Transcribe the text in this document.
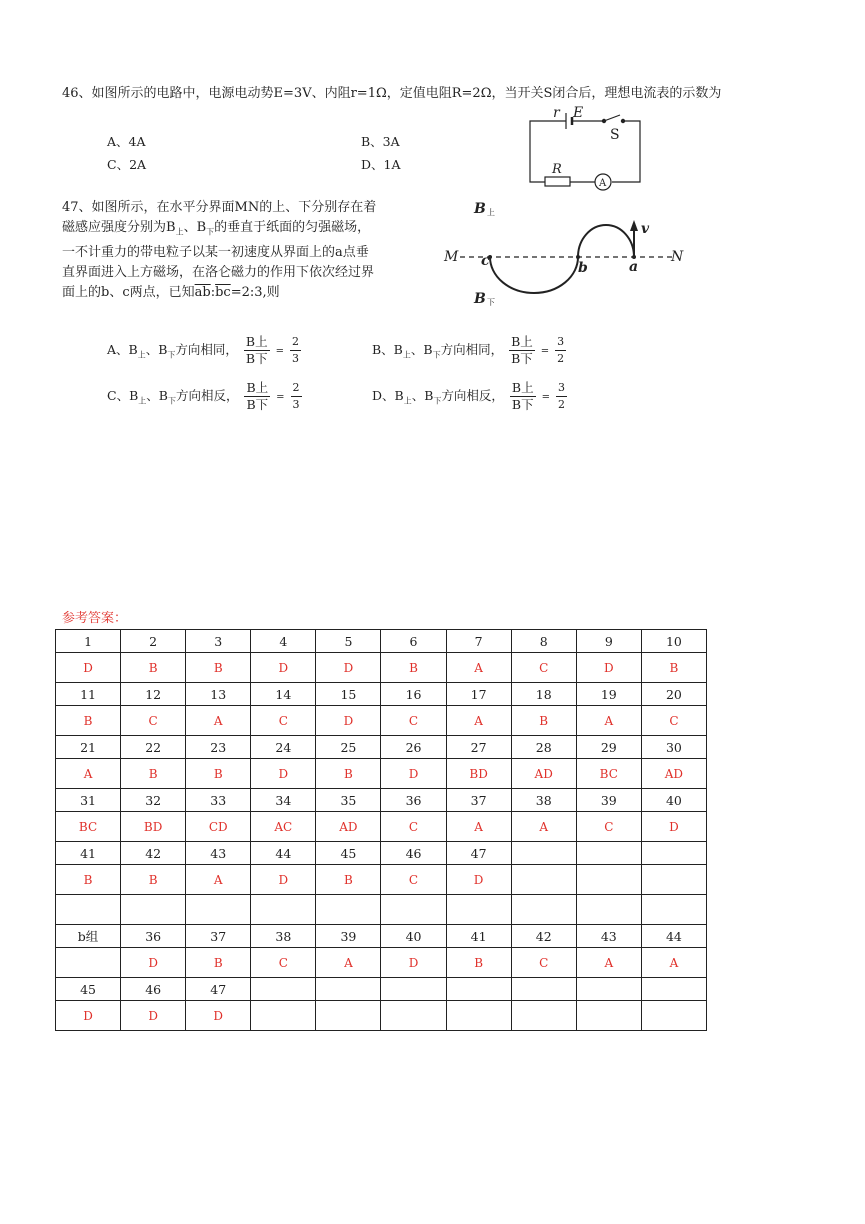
46、如图所示的电路中，电源电动势E=3V、内阻r=1Ω，定值电阻R=2Ω，当开关S闭合后，理想电流表的示数为
A、4A	B、3A
C、2A	D、1A
A
r E
S
R
47、如图所示，在水平分界面MN的上、下分别存在着
磁感应强度分别为$B_上$、$B_下$的垂直于纸面的匀强磁场，
一不计重力的带电粒子以某一初速度从界面上的a点垂
直界面进入上方磁场，在洛仑磁力的作用下依次经过界
面上的b、c两点，已知$\overline{ab}:\overline{bc}=2:3$,则
B 上
B 下
M	N
c	b	a
v
A、$B_上$、$B_下$方向相同， $\frac{\text{B上}}{\text{B下}} = \frac{2}{3}$	B、$B_上$、$B_下$方向相同， $\frac{\text{B上}}{\text{B下}} = \frac{3}{2}$
C、$B_上$、$B_下$方向相反， $\frac{\text{B上}}{\text{B下}} = \frac{2}{3}$	D、$B_上$、$B_下$方向相反， $\frac{\text{B上}}{\text{B下}} = \frac{3}{2}$
参考答案：
1	2	3	4	5	6	7	8	9	10
D	B	B	D	D	B	A	C	D	B
11	12	13	14	15	16	17	18	19	20
B	C	A	C	D	C	A	B	A	C
21	22	23	24	25	26	27	28	29	30
A	B	B	D	B	D	BD	AD	BC	AD
31	32	33	34	35	36	37	38	39	40
BC	BD	CD	AC	AD	C	A	A	C	D
41	42	43	44	45	46	47			
B	B	A	D	B	C	D			

b组	36	37	38	39	40	41	42	43	44
	D	B	C	A	D	B	C	A	A
45	46	47							
D	D	D							
